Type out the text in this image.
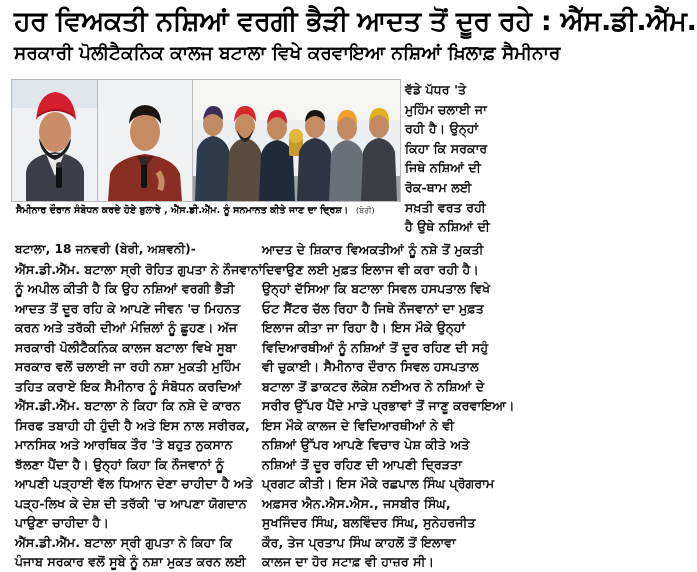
ਹਰ ਵਿਅਕਤੀ ਨਸ਼ਿਆਂ ਵਰਗੀ ਭੈੜੀ ਆਦਤ ਤੋਂ ਦੂਰ ਰਹੇ : ਐੱਸ.ਡੀ.ਐੱਮ.
ਸਰਕਾਰੀ ਪੋਲੀਟੈਕਨਿਕ ਕਾਲਜ ਬਟਾਲਾ ਵਿਖੇ ਕਰਵਾਇਆ ਨਸ਼ਿਆਂ ਖ਼ਿਲਾਫ਼ ਸੈਮੀਨਾਰ
ਸੈਮੀਨਾਰ ਦੌਰਾਨ ਸੰਬੋਧਨ ਕਰਦੇ ਹੋਏ ਬੁਲਾਰੇ , ਐੱਸ.ਡੀ.ਐੱਮ. ਨੂੰ ਸਨਮਾਨਤ ਕੀਤੇ ਜਾਣ ਦਾ ਦ੍ਰਿਸ਼। (ਬੇਰੀ)
ਵੱਡੇ ਪੱਧਰ 'ਤੇ
ਮੁਹਿੰਮ ਚਲਾਈ ਜਾ
ਰਹੀ ਹੈ। ਉਨ੍ਹਾਂ
ਕਿਹਾ ਕਿ ਸਰਕਾਰ
ਜਿਥੇ ਨਸ਼ਿਆਂ ਦੀ
ਰੋਕ-ਥਾਮ ਲਈ
ਸਖ਼ਤੀ ਵਰਤ ਰਹੀ
ਹੈ ਉਥੇ ਨਸ਼ਿਆਂ ਦੀ
ਬਟਾਲਾ, 18 ਜਨਵਰੀ (ਬੇਰੀ, ਅਸ਼ਵਨੀ)-
ਐੱਸ.ਡੀ.ਐੱਮ. ਬਟਾਲਾ ਸ੍ਰੀ ਰੋਹਿਤ ਗੁਪਤਾ ਨੇ ਨੌਜਵਾਨਾਂ
ਨੂੰ ਅਪੀਲ ਕੀਤੀ ਹੈ ਕਿ ਉਹ ਨਸ਼ਿਆਂ ਵਰਗੀ ਭੈੜੀ
ਆਦਤ ਤੋਂ ਦੂਰ ਰਹਿ ਕੇ ਆਪਣੇ ਜੀਵਨ 'ਚ ਮਿਹਨਤ
ਕਰਨ ਅਤੇ ਤਰੱਕੀ ਦੀਆਂ ਮੰਜ਼ਿਲਾਂ ਨੂੰ ਛੂਹਣ। ਅੱਜ
ਸਰਕਾਰੀ ਪੋਲੀਟੈਕਨਿਕ ਕਾਲਜ ਬਟਾਲਾ ਵਿਖੇ ਸੂਬਾ
ਸਰਕਾਰ ਵਲੋਂ ਚਲਾਈ ਜਾ ਰਹੀ ਨਸ਼ਾ ਮੁਕਤੀ ਮੁਹਿੰਮ
ਤਹਿਤ ਕਰਾਏ ਇਕ ਸੈਮੀਨਾਰ ਨੂੰ ਸੰਬੋਧਨ ਕਰਦਿਆਂ
ਐੱਸ.ਡੀ.ਐੱਮ. ਬਟਾਲਾ ਨੇ ਕਿਹਾ ਕਿ ਨਸ਼ੇ ਦੇ ਕਾਰਨ
ਸਿਰਫ ਤਬਾਹੀ ਹੀ ਹੁੰਦੀ ਹੈ ਅਤੇ ਇਸ ਨਾਲ ਸਰੀਰਕ,
ਮਾਨਸਿਕ ਅਤੇ ਆਰਥਿਕ ਤੌਰ 'ਤੇ ਬਹੁਤ ਨੁਕਸਾਨ
ਝੱਲਣਾ ਪੈਂਦਾ ਹੈ। ਉਨ੍ਹਾਂ ਕਿਹਾ ਕਿ ਨੌਜਵਾਨਾਂ ਨੂੰ
ਆਪਣੀ ਪੜ੍ਹਾਈ ਵੱਲ ਧਿਆਨ ਦੇਣਾ ਚਾਹੀਦਾ ਹੈ ਅਤੇ
ਪੜ੍ਹ-ਲਿਖ ਕੇ ਦੇਸ਼ ਦੀ ਤਰੱਕੀ 'ਚ ਆਪਣਾ ਯੋਗਦਾਨ
ਪਾਉਣਾ ਚਾਹੀਦਾ ਹੈ।
ਐੱਸ.ਡੀ.ਐੱਮ. ਬਟਾਲਾ ਸ੍ਰੀ ਗੁਪਤਾ ਨੇ ਕਿਹਾ ਕਿ
ਪੰਜਾਬ ਸਰਕਾਰ ਵਲੋਂ ਸੂਬੇ ਨੂੰ ਨਸ਼ਾ ਮੁਕਤ ਕਰਨ ਲਈ
ਆਦਤ ਦੇ ਸ਼ਿਕਾਰ ਵਿਅਕਤੀਆਂ ਨੂੰ ਨਸ਼ੇ ਤੋਂ ਮੁਕਤੀ
ਦਿਵਾਉਣ ਲਈ ਮੁਫ਼ਤ ਇਲਾਜ ਵੀ ਕਰਾ ਰਹੀ ਹੈ।
ਉਨ੍ਹਾਂ ਦੱਸਿਆ ਕਿ ਬਟਾਲਾ ਸਿਵਲ ਹਸਪਤਾਲ ਵਿਖੇ
ਓਟ ਸੈਂਟਰ ਚੱਲ ਰਿਹਾ ਹੈ ਜਿਥੇ ਨੌਜਵਾਨਾਂ ਦਾ ਮੁਫ਼ਤ
ਇਲਾਜ ਕੀਤਾ ਜਾ ਰਿਹਾ ਹੈ। ਇਸ ਮੌਕੇ ਉਨ੍ਹਾਂ
ਵਿਦਿਆਰਥੀਆਂ ਨੂੰ ਨਸ਼ਿਆਂ ਤੋਂ ਦੂਰ ਰਹਿਣ ਦੀ ਸਹੁੰ
ਵੀ ਚੁਕਾਈ। ਸੈਮੀਨਾਰ ਦੌਰਾਨ ਸਿਵਲ ਹਸਪਤਾਲ
ਬਟਾਲਾ ਤੋਂ ਡਾਕਟਰ ਲੋਕੇਸ਼ ਨਈਅਰ ਨੇ ਨਸ਼ਿਆਂ ਦੇ
ਸਰੀਰ ਉੱਪਰ ਪੈਂਦੇ ਮਾੜੇ ਪ੍ਰਭਾਵਾਂ ਤੋਂ ਜਾਣੂ ਕਰਵਾਇਆ।
ਇਸ ਮੌਕੇ ਕਾਲਜ ਦੇ ਵਿਦਿਆਰਥੀਆਂ ਨੇ ਵੀ
ਨਸ਼ਿਆਂ ਉੱਪਰ ਆਪਣੇ ਵਿਚਾਰ ਪੇਸ਼ ਕੀਤੇ ਅਤੇ
ਨਸ਼ਿਆਂ ਤੋਂ ਦੂਰ ਰਹਿਣ ਦੀ ਆਪਣੀ ਦ੍ਰਿੜਤਾ
ਪ੍ਰਗਟ ਕੀਤੀ। ਇਸ ਮੌਕੇ ਰਛਪਾਲ ਸਿੰਘ ਪ੍ਰੋਗਰਾਮ
ਅਫ਼ਸਰ ਐਨ.ਐਸ.ਐਸ., ਜਸਬੀਰ ਸਿੰਘ,
ਸੁਖਜਿੰਦਰ ਸਿੰਘ, ਬਲਵਿੰਦਰ ਸਿੰਘ, ਸੁਨੇਹਰਜੀਤ
ਕੌਰ, ਤੇਜ ਪ੍ਰਤਾਪ ਸਿੰਘ ਕਾਹਲੋਂ ਤੋਂ ਇਲਾਵਾ
ਕਾਲਜ ਦਾ ਹੋਰ ਸਟਾਫ਼ ਵੀ ਹਾਜ਼ਰ ਸੀ।
